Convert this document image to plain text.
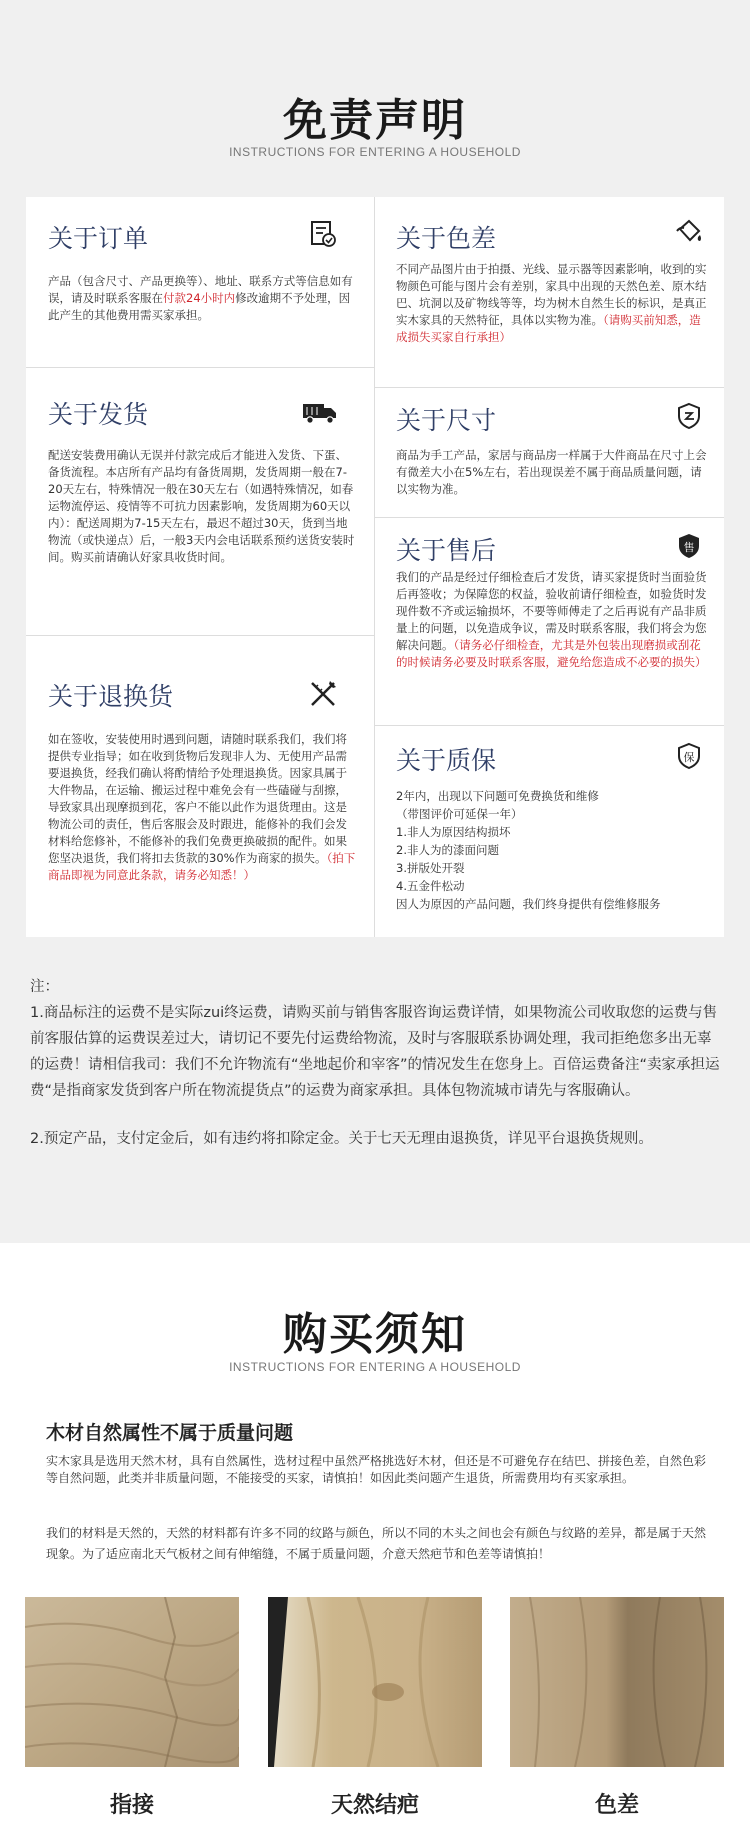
免责声明
INSTRUCTIONS FOR ENTERING A HOUSEHOLD
关于订单

产品（包含尺寸、产品更换等）、地址、联系方式等信息如有误，请及时联系客服在付款24小时内修改逾期不予处理，因此产生的其他费用需买家承担。

关于发货

配送安装费用确认无误并付款完成后才能进入发货、下蛋、备货流程。本店所有产品均有备货周期，发货周期一般在7-20天左右，特殊情况一般在30天左右（如遇特殊情况，如春运物流停运、疫情等不可抗力因素影响，发货周期为60天以内）：配送周期为7-15天左右，最迟不超过30天，货到当地物流（或快递点）后，一般3天内会电话联系预约送货安装时间。购买前请确认好家具收货时间。

关于退换货

如在签收，安装使用时遇到问题，请随时联系我们，我们将提供专业指导；如在收到货物后发现非人为、无使用产品需要退换货，经我们确认将酌情给予处理退换货。因家具属于大件物品，在运输、搬运过程中难免会有一些磕碰与刮擦，导致家具出现摩损到花，客户不能以此作为退货理由。这是物流公司的责任，售后客服会及时跟进，能修补的我们会发材料给您修补，不能修补的我们免费更换破损的配件。如果您坚决退货，我们将扣去货款的30%作为商家的损失。（拍下商品即视为同意此条款，请务必知悉！）

关于色差

不同产品图片由于拍摄、光线、显示器等因素影响，收到的实物颜色可能与图片会有差别，家具中出现的天然色差、原木结巴、坑洞以及矿物线等等，均为树木自然生长的标识，是真正实木家具的天然特征，具体以实物为准。（请购买前知悉，造成损失买家自行承担）

关于尺寸

商品为手工产品，家居与商品房一样属于大件商品在尺寸上会有微差大小在5%左右，若出现误差不属于商品质量问题，请以实物为准。

关于售后	售

我们的产品是经过仔细检查后才发货，请买家提货时当面验货后再签收；为保障您的权益，验收前请仔细检查，如验货时发现件数不齐或运输损坏，不要等师傅走了之后再说有产品非质量上的问题，以免造成争议，需及时联系客服，我们将会为您解决问题。（请务必仔细检查，尤其是外包装出现磨损或刮花的时候请务必要及时联系客服，避免给您造成不必要的损失）

关于质保	保

2年内，出现以下问题可免费换货和维修
（带图评价可延保一年）
1.非人为原因结构损坏
2.非人为的漆面问题
3.拼版处开裂
4.五金件松动
因人为原因的产品问题，我们终身提供有偿维修服务

注：

1.商品标注的运费不是实际zui终运费，请购买前与销售客服咨询运费详情，如果物流公司收取您的运费与售前客服估算的运费误差过大，请切记不要先付运费给物流，及时与客服联系协调处理，我司拒绝您多出无辜的运费！请相信我司：我们不允许物流有“坐地起价和宰客”的情况发生在您身上。百倍运费备注“卖家承担运费“是指商家发货到客户所在物流提货点”的运费为商家承担。具体包物流城市请先与客服确认。

2.预定产品，支付定金后，如有违约将扣除定金。关于七天无理由退换货，详见平台退换货规则。

购买须知
INSTRUCTIONS FOR ENTERING A HOUSEHOLD
木材自然属性不属于质量问题

实木家具是选用天然木材，具有自然属性，选材过程中虽然严格挑选好木材，但还是不可避免存在结巴、拼接色差，自然色彩等自然问题，此类并非质量问题，不能接受的买家，请慎拍！如因此类问题产生退货，所需费用均有买家承担。

我们的材料是天然的，天然的材料都有许多不同的纹路与颜色，所以不同的木头之间也会有颜色与纹路的差异，都是属于天然现象。为了适应南北天气板材之间有伸缩缝，不属于质量问题，介意天然疤节和色差等请慎拍！

指接	天然结疤	色差
